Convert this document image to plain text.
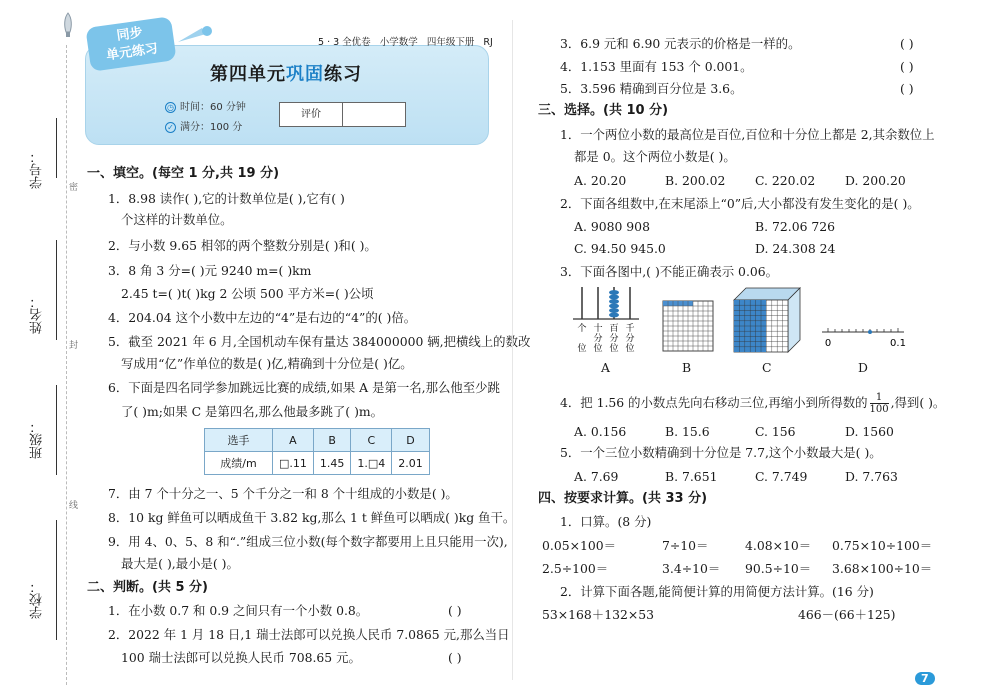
学号：
姓名：
班级：
学校：
密
封
线
同步
单元练习	5 · 3 全优卷 小学数学 四年级下册 RJ
第四单元巩固练习
◷ 时间：60 分钟
✓ 满分：100 分
评价
一、填空。(每空 1 分,共 19 分)
1．8.98 读作( ),它的计数单位是( ),它有( )
个这样的计数单位。
2．与小数 9.65 相邻的两个整数分别是( )和( )。
3．8 角 3 分=( )元 9240 m=( )km
2.45 t=( )t( )kg 2 公顷 500 平方米=( )公顷
4．204.04 这个小数中左边的“4”是右边的“4”的( )倍。
5．截至 2021 年 6 月,全国机动车保有量达 384000000 辆,把横线上的数改
写成用“亿”作单位的数是( )亿,精确到十分位是( )亿。
6．下面是四名同学参加跳远比赛的成绩,如果 A 是第一名,那么他至少跳
了( )m;如果 C 是第四名,那么他最多跳了( )m。
选手	A	B	C	D
成绩/m	□.11	1.45	1.□4	2.01
7．由 7 个十分之一、5 个千分之一和 8 个十组成的小数是( )。
8．10 kg 鲜鱼可以晒成鱼干 3.82 kg,那么 1 t 鲜鱼可以晒成( )kg 鱼干。
9．用 4、0、5、8 和“.”组成三位小数(每个数字都要用上且只能用一次),
最大是( ),最小是( )。
二、判断。(共 5 分)
1．在小数 0.7 和 0.9 之间只有一个小数 0.8。	( )
2．2022 年 1 月 18 日,1 瑞士法郎可以兑换人民币 7.0865 元,那么当日
100 瑞士法郎可以兑换人民币 708.65 元。	( )
3．6.9 元和 6.90 元表示的价格是一样的。	( )
4．1.153 里面有 153 个 0.001。	( )
5．3.596 精确到百分位是 3.6。	( )
三、选择。(共 10 分)
1．一个两位小数的最高位是百位,百位和十分位上都是 2,其余数位上
都是 0。这个两位小数是( )。
A. 20.20	B. 200.02 C. 220.02 D. 200.20
2．下面各组数中,在末尾添上“0”后,大小都没有发生变化的是( )。
A. 9080 908	B. 72.06 726
C. 94.50 945.0	D. 24.308 24
3．下面各图中,( )不能正确表示 0.06。
个 十 百 千
分 分 分
位 位 位 位	0	0.1
A	B	C	D
4．把 1.56 的小数点先向右移动三位,再缩小到所得数的 $\frac{1}{100}$ ,得到( )。
A. 0.156	B. 15.6	C. 156	D. 1560
5．一个三位小数精确到十分位是 7.7,这个小数最大是( )。
A. 7.69	B. 7.651	C. 7.749	D. 7.763
四、按要求计算。(共 33 分)
1．口算。(8 分)
0.05×100＝	7÷10＝	4.08×10＝ 0.75×10÷100＝
2.5÷100＝	3.4÷10＝ 90.5÷10＝ 3.68×100÷10＝
2．计算下面各题,能简便计算的用简便方法计算。(16 分)
53×168＋132×53	466－(66＋125)
7
